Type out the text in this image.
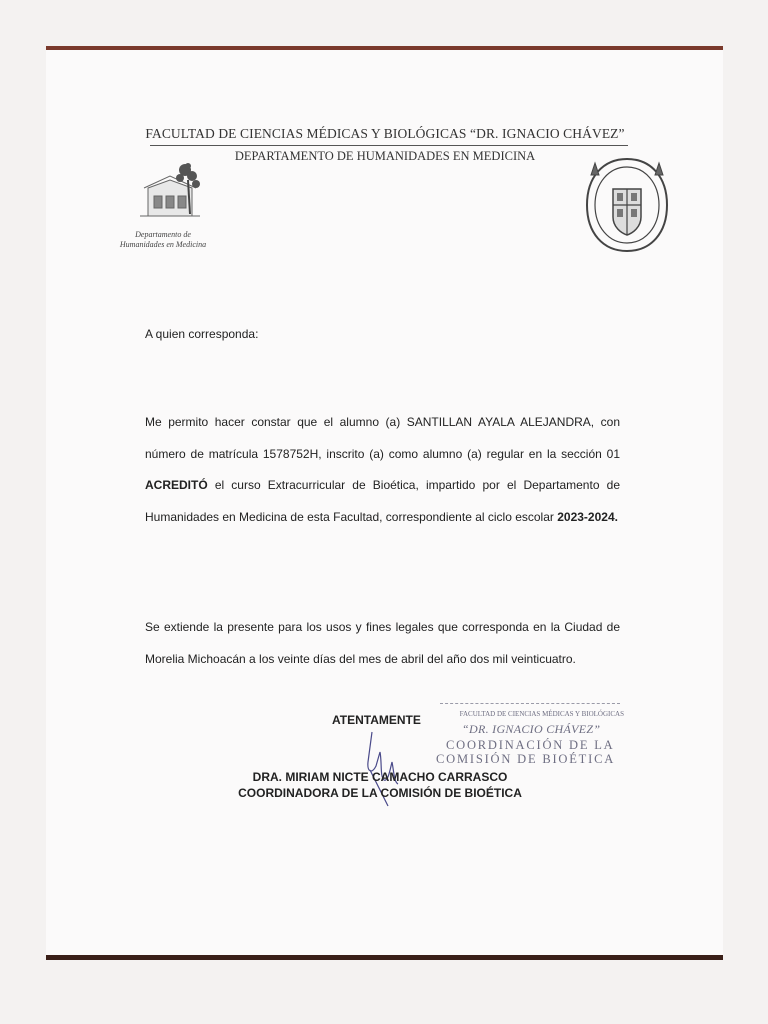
FACULTAD DE CIENCIAS MÉDICAS Y BIOLÓGICAS “DR. IGNACIO CHÁVEZ”
DEPARTAMENTO DE HUMANIDADES EN MEDICINA
Departamento de
Humanidades en Medicina
A quien corresponda:
Me permito hacer constar que el alumno (a) SANTILLAN AYALA ALEJANDRA, con número de matrícula 1578752H, inscrito (a) como alumno (a) regular en la sección 01 ACREDITÓ el curso Extracurricular de Bioética, impartido por el Departamento de Humanidades en Medicina de esta Facultad, correspondiente al ciclo escolar 2023-2024.
Se extiende la presente para los usos y fines legales que corresponda en la Ciudad de Morelia Michoacán a los veinte días del mes de abril del año dos mil veinticuatro.
ATENTAMENTE	FACULTAD DE CIENCIAS MÉDICAS Y BIOLÓGICAS
“DR. IGNACIO CHÁVEZ”
COORDINACIÓN DE LA
COMISIÓN DE BIOÉTICA
DRA. MIRIAM NICTE CAMACHO CARRASCO
COORDINADORA DE LA COMISIÓN DE BIOÉTICA
